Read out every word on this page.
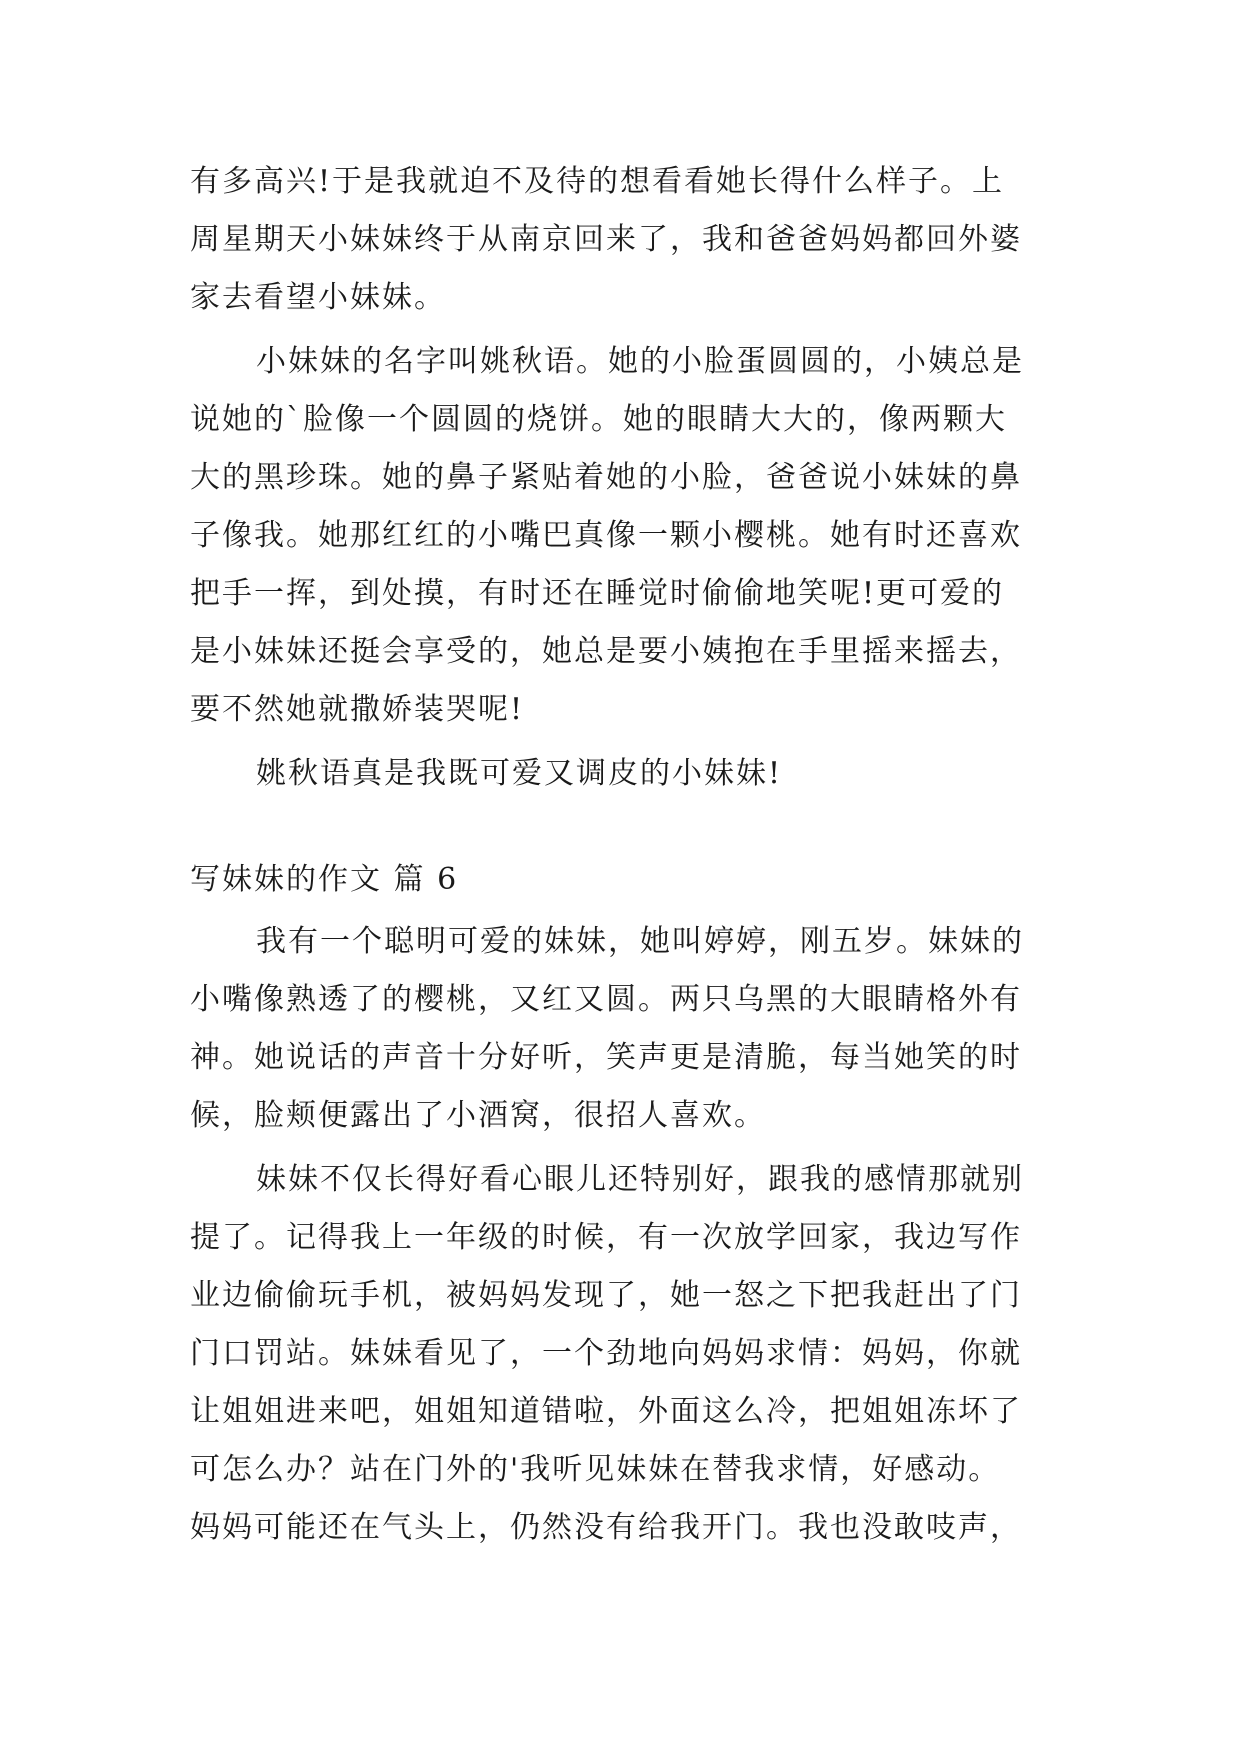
有多高兴!于是我就迫不及待的想看看她长得什么样子。上
周星期天小妹妹终于从南京回来了，我和爸爸妈妈都回外婆
家去看望小妹妹。
小妹妹的名字叫姚秋语。她的小脸蛋圆圆的，小姨总是
说她的`脸像一个圆圆的烧饼。她的眼睛大大的，像两颗大
大的黑珍珠。她的鼻子紧贴着她的小脸，爸爸说小妹妹的鼻
子像我。她那红红的小嘴巴真像一颗小樱桃。她有时还喜欢
把手一挥，到处摸，有时还在睡觉时偷偷地笑呢!更可爱的
是小妹妹还挺会享受的，她总是要小姨抱在手里摇来摇去，
要不然她就撒娇装哭呢!
姚秋语真是我既可爱又调皮的小妹妹!
写妹妹的作文 篇 6
我有一个聪明可爱的妹妹，她叫婷婷，刚五岁。妹妹的
小嘴像熟透了的樱桃，又红又圆。两只乌黑的大眼睛格外有
神。她说话的声音十分好听，笑声更是清脆，每当她笑的时
候，脸颊便露出了小酒窝，很招人喜欢。
妹妹不仅长得好看心眼儿还特别好，跟我的感情那就别
提了。记得我上一年级的时候，有一次放学回家，我边写作
业边偷偷玩手机，被妈妈发现了，她一怒之下把我赶出了门
门口罚站。妹妹看见了，一个劲地向妈妈求情：妈妈，你就
让姐姐进来吧，姐姐知道错啦，外面这么冷，把姐姐冻坏了
可怎么办？站在门外的'我听见妹妹在替我求情，好感动。
妈妈可能还在气头上，仍然没有给我开门。我也没敢吱声，
